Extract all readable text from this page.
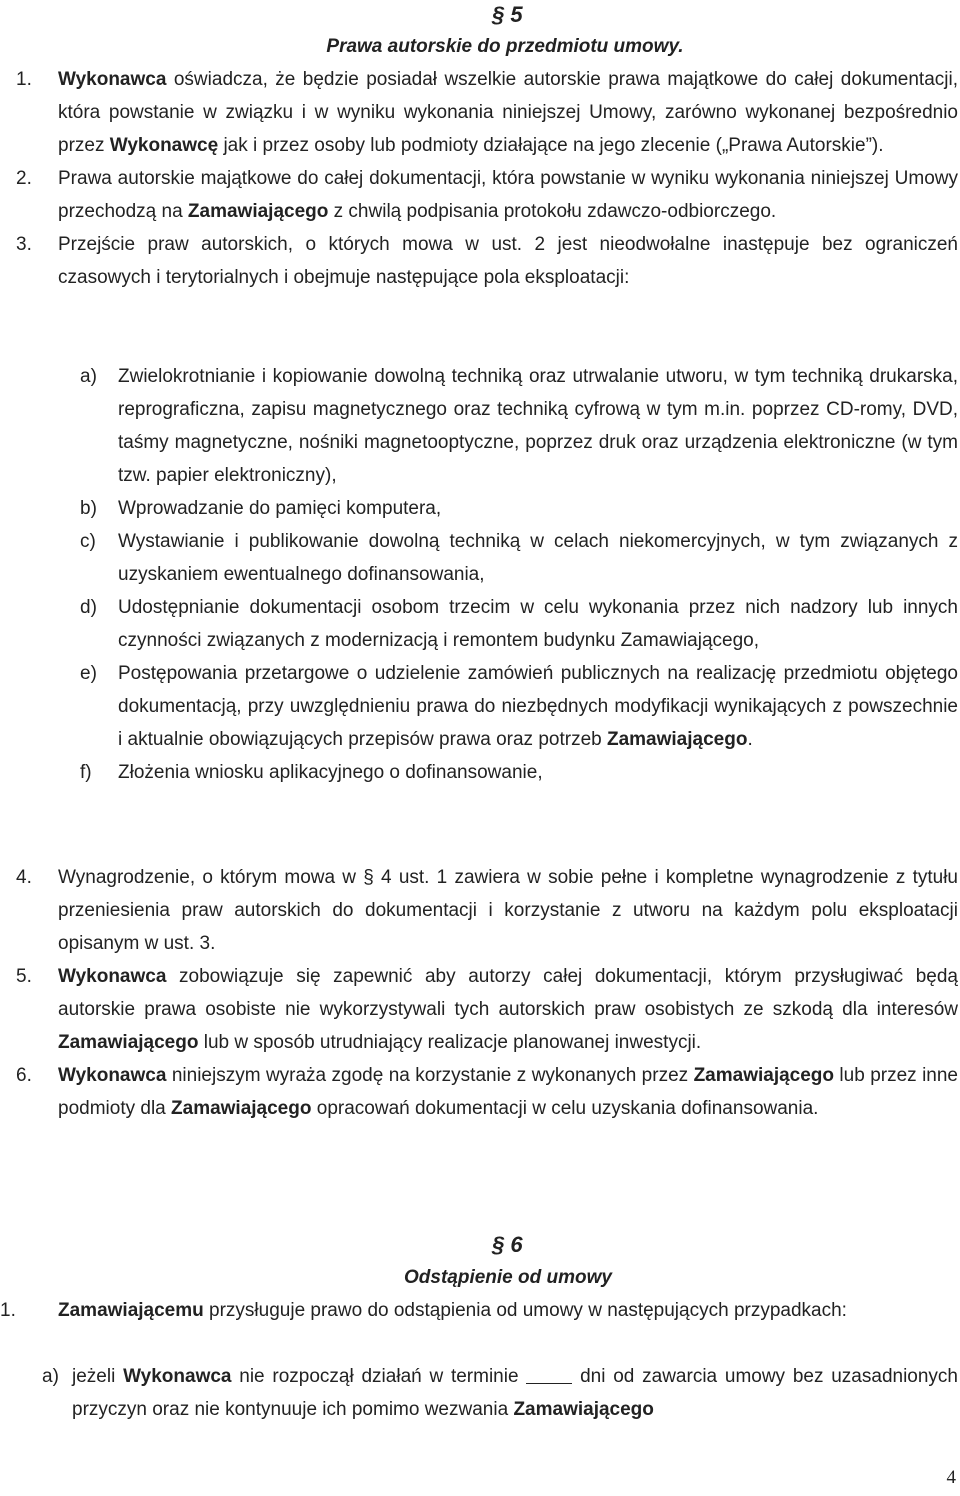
§ 5
Prawa autorskie do przedmiotu umowy.
1. Wykonawca oświadcza, że będzie posiadał wszelkie autorskie prawa majątkowe do całej dokumentacji, która powstanie w związku i w wyniku wykonania niniejszej Umowy, zarówno wykonanej bezpośrednio przez Wykonawcę jak i przez osoby lub podmioty działające na jego zlecenie („Prawa Autorskie”).
2. Prawa autorskie majątkowe do całej dokumentacji, która powstanie w wyniku wykonania niniejszej Umowy przechodzą na Zamawiającego z chwilą podpisania protokołu zdawczo-odbiorczego.
3. Przejście praw autorskich, o których mowa w ust. 2 jest nieodwołalne inastępuje bez ograniczeń czasowych i terytorialnych i obejmuje następujące pola eksploatacji:
a) Zwielokrotnianie i kopiowanie dowolną techniką oraz utrwalanie utworu, w tym techniką drukarska, reprograficzna, zapisu magnetycznego oraz techniką cyfrową w tym m.in. poprzez CD-romy, DVD, taśmy magnetyczne, nośniki magnetooptyczne, poprzez druk oraz urządzenia elektroniczne (w tym tzw. papier elektroniczny),
b) Wprowadzanie do pamięci komputera,
c) Wystawianie i publikowanie dowolną techniką w celach niekomercyjnych, w tym związanych z uzyskaniem ewentualnego dofinansowania,
d) Udostępnianie dokumentacji osobom trzecim w celu wykonania przez nich nadzory lub innych czynności związanych z modernizacją i remontem budynku Zamawiającego,
e) Postępowania przetargowe o udzielenie zamówień publicznych na realizację przedmiotu objętego dokumentacją, przy uwzględnieniu prawa do niezbędnych modyfikacji wynikających z powszechnie i aktualnie obowiązujących przepisów prawa oraz potrzeb Zamawiającego.
f) Złożenia wniosku aplikacyjnego o dofinansowanie,
4. Wynagrodzenie, o którym mowa w § 4 ust. 1 zawiera w sobie pełne i kompletne wynagrodzenie z tytułu przeniesienia praw autorskich do dokumentacji i korzystanie z utworu na każdym polu eksploatacji opisanym w ust. 3.
5. Wykonawca zobowiązuje się zapewnić aby autorzy całej dokumentacji, którym przysługiwać będą autorskie prawa osobiste nie wykorzystywali tych autorskich praw osobistych ze szkodą dla interesów Zamawiającego lub w sposób utrudniający realizacje planowanej inwestycji.
6. Wykonawca niniejszym wyraża zgodę na korzystanie z wykonanych przez Zamawiającego lub przez inne podmioty dla Zamawiającego opracowań dokumentacji w celu uzyskania dofinansowania.
§ 6
Odstąpienie od umowy
1. Zamawiającemu przysługuje prawo do odstąpienia od umowy w następujących przypadkach:
a) jeżeli Wykonawca nie rozpoczął działań w terminie  dni od zawarcia umowy bez uzasadnionych przyczyn oraz nie kontynuuje ich pomimo wezwania Zamawiającego
4
